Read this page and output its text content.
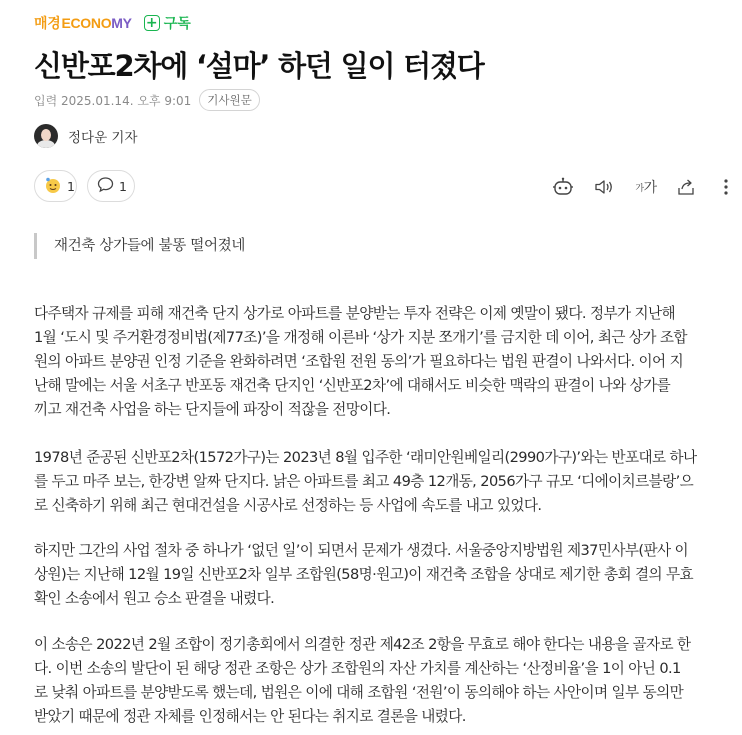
매경 ECONO MY + 구독
신반포2차에 ‘설마’ 하던 일이 터졌다
입력 2025.01.14. 오후 9:01	기사원문
정다운 기자
1	1	가 가
재건축 상가들에 불똥 떨어졌네
다주택자 규제를 피해 재건축 단지 상가로 아파트를 분양받는 투자 전략은 이제 옛말이 됐다. 정부가 지난해
1월 ‘도시 및 주거환경정비법(제77조)’을 개정해 이른바 ‘상가 지분 쪼개기’를 금지한 데 이어, 최근 상가 조합
원의 아파트 분양권 인정 기준을 완화하려면 ‘조합원 전원 동의’가 필요하다는 법원 판결이 나와서다. 이어 지
난해 말에는 서울 서초구 반포동 재건축 단지인 ‘신반포2차’에 대해서도 비슷한 맥락의 판결이 나와 상가를
끼고 재건축 사업을 하는 단지들에 파장이 적잖을 전망이다.
1978년 준공된 신반포2차(1572가구)는 2023년 8월 입주한 ‘래미안원베일리(2990가구)’와는 반포대로 하나
를 두고 마주 보는, 한강변 알짜 단지다. 낡은 아파트를 최고 49층 12개동, 2056가구 규모 ‘디에이치르블랑’으
로 신축하기 위해 최근 현대건설을 시공사로 선정하는 등 사업에 속도를 내고 있었다.
하지만 그간의 사업 절차 중 하나가 ‘없던 일’이 되면서 문제가 생겼다. 서울중앙지방법원 제37민사부(판사 이
상원)는 지난해 12월 19일 신반포2차 일부 조합원(58명·원고)이 재건축 조합을 상대로 제기한 총회 결의 무효
확인 소송에서 원고 승소 판결을 내렸다.
이 소송은 2022년 2월 조합이 정기총회에서 의결한 정관 제42조 2항을 무효로 해야 한다는 내용을 골자로 한
다. 이번 소송의 발단이 된 해당 정관 조항은 상가 조합원의 자산 가치를 계산하는 ‘산정비율’을 1이 아닌 0.1
로 낮춰 아파트를 분양받도록 했는데, 법원은 이에 대해 조합원 ‘전원’이 동의해야 하는 사안이며 일부 동의만
받았기 때문에 정관 자체를 인정해서는 안 된다는 취지로 결론을 내렸다.
